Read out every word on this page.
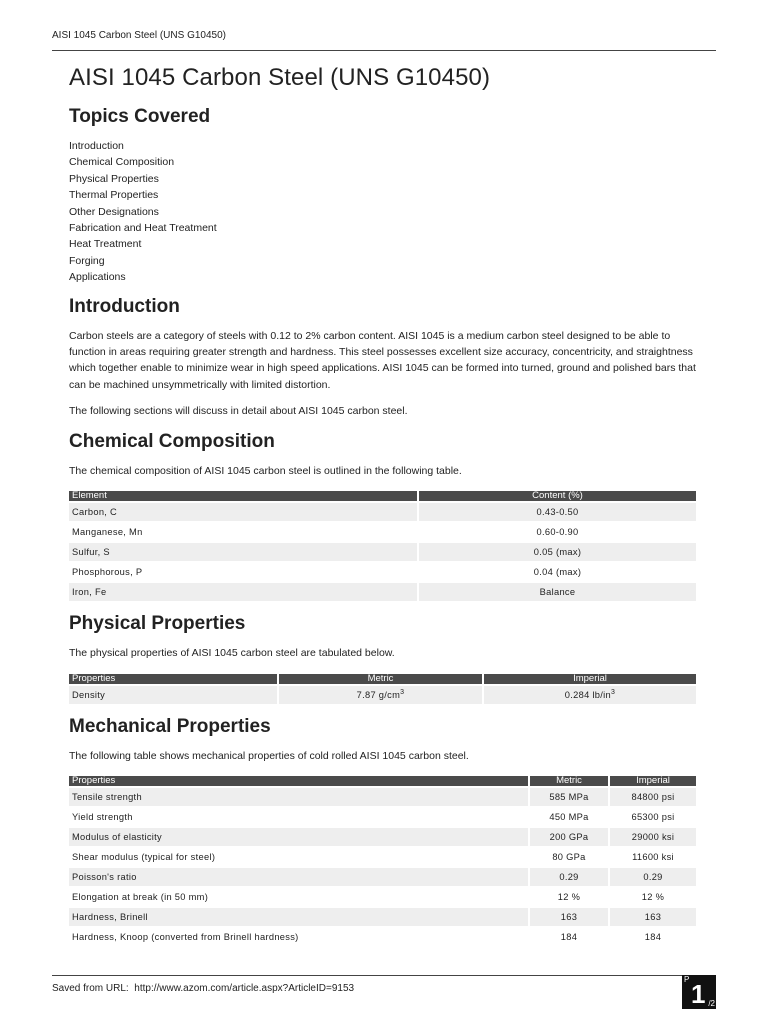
AISI 1045 Carbon Steel (UNS G10450)
AISI 1045 Carbon Steel (UNS G10450)
Topics Covered
Introduction
Chemical Composition
Physical Properties
Thermal Properties
Other Designations
Fabrication and Heat Treatment
Heat Treatment
Forging
Applications
Introduction

Carbon steels are a category of steels with 0.12 to 2% carbon content. AISI 1045 is a medium carbon steel designed to be able to function in areas requiring greater strength and hardness. This steel possesses excellent size accuracy, concentricity, and straightness which together enable to minimize wear in high speed applications. AISI 1045 can be formed into turned, ground and polished bars that can be machined unsymmetrically with limited distortion.

The following sections will discuss in detail about AISI 1045 carbon steel.

Chemical Composition

The chemical composition of AISI 1045 carbon steel is outlined in the following table.

Element	Content (%)
Carbon, C	0.43-0.50
Manganese, Mn	0.60-0.90
Sulfur, S	0.05 (max)
Phosphorous, P	0.04 (max)
Iron, Fe	Balance
Physical Properties

The physical properties of AISI 1045 carbon steel are tabulated below.

Properties	Metric	Imperial
Density	7.87 $g/cm^3$	0.284 $lb/in^3$
Mechanical Properties

The following table shows mechanical properties of cold rolled AISI 1045 carbon steel.

Properties	Metric	Imperial
Tensile strength	585 MPa	84800 psi
Yield strength	450 MPa	65300 psi
Modulus of elasticity	200 GPa	29000 ksi
Shear modulus (typical for steel)	80 GPa	11600 ksi
Poisson's ratio	0.29	0.29
Elongation at break (in 50 mm)	12 %	12 %
Hardness, Brinell	163	163
Hardness, Knoop (converted from Brinell hardness)	184	184
Saved from URL: http://www.azom.com/article.aspx?ArticleID=9153
P 1 /2
